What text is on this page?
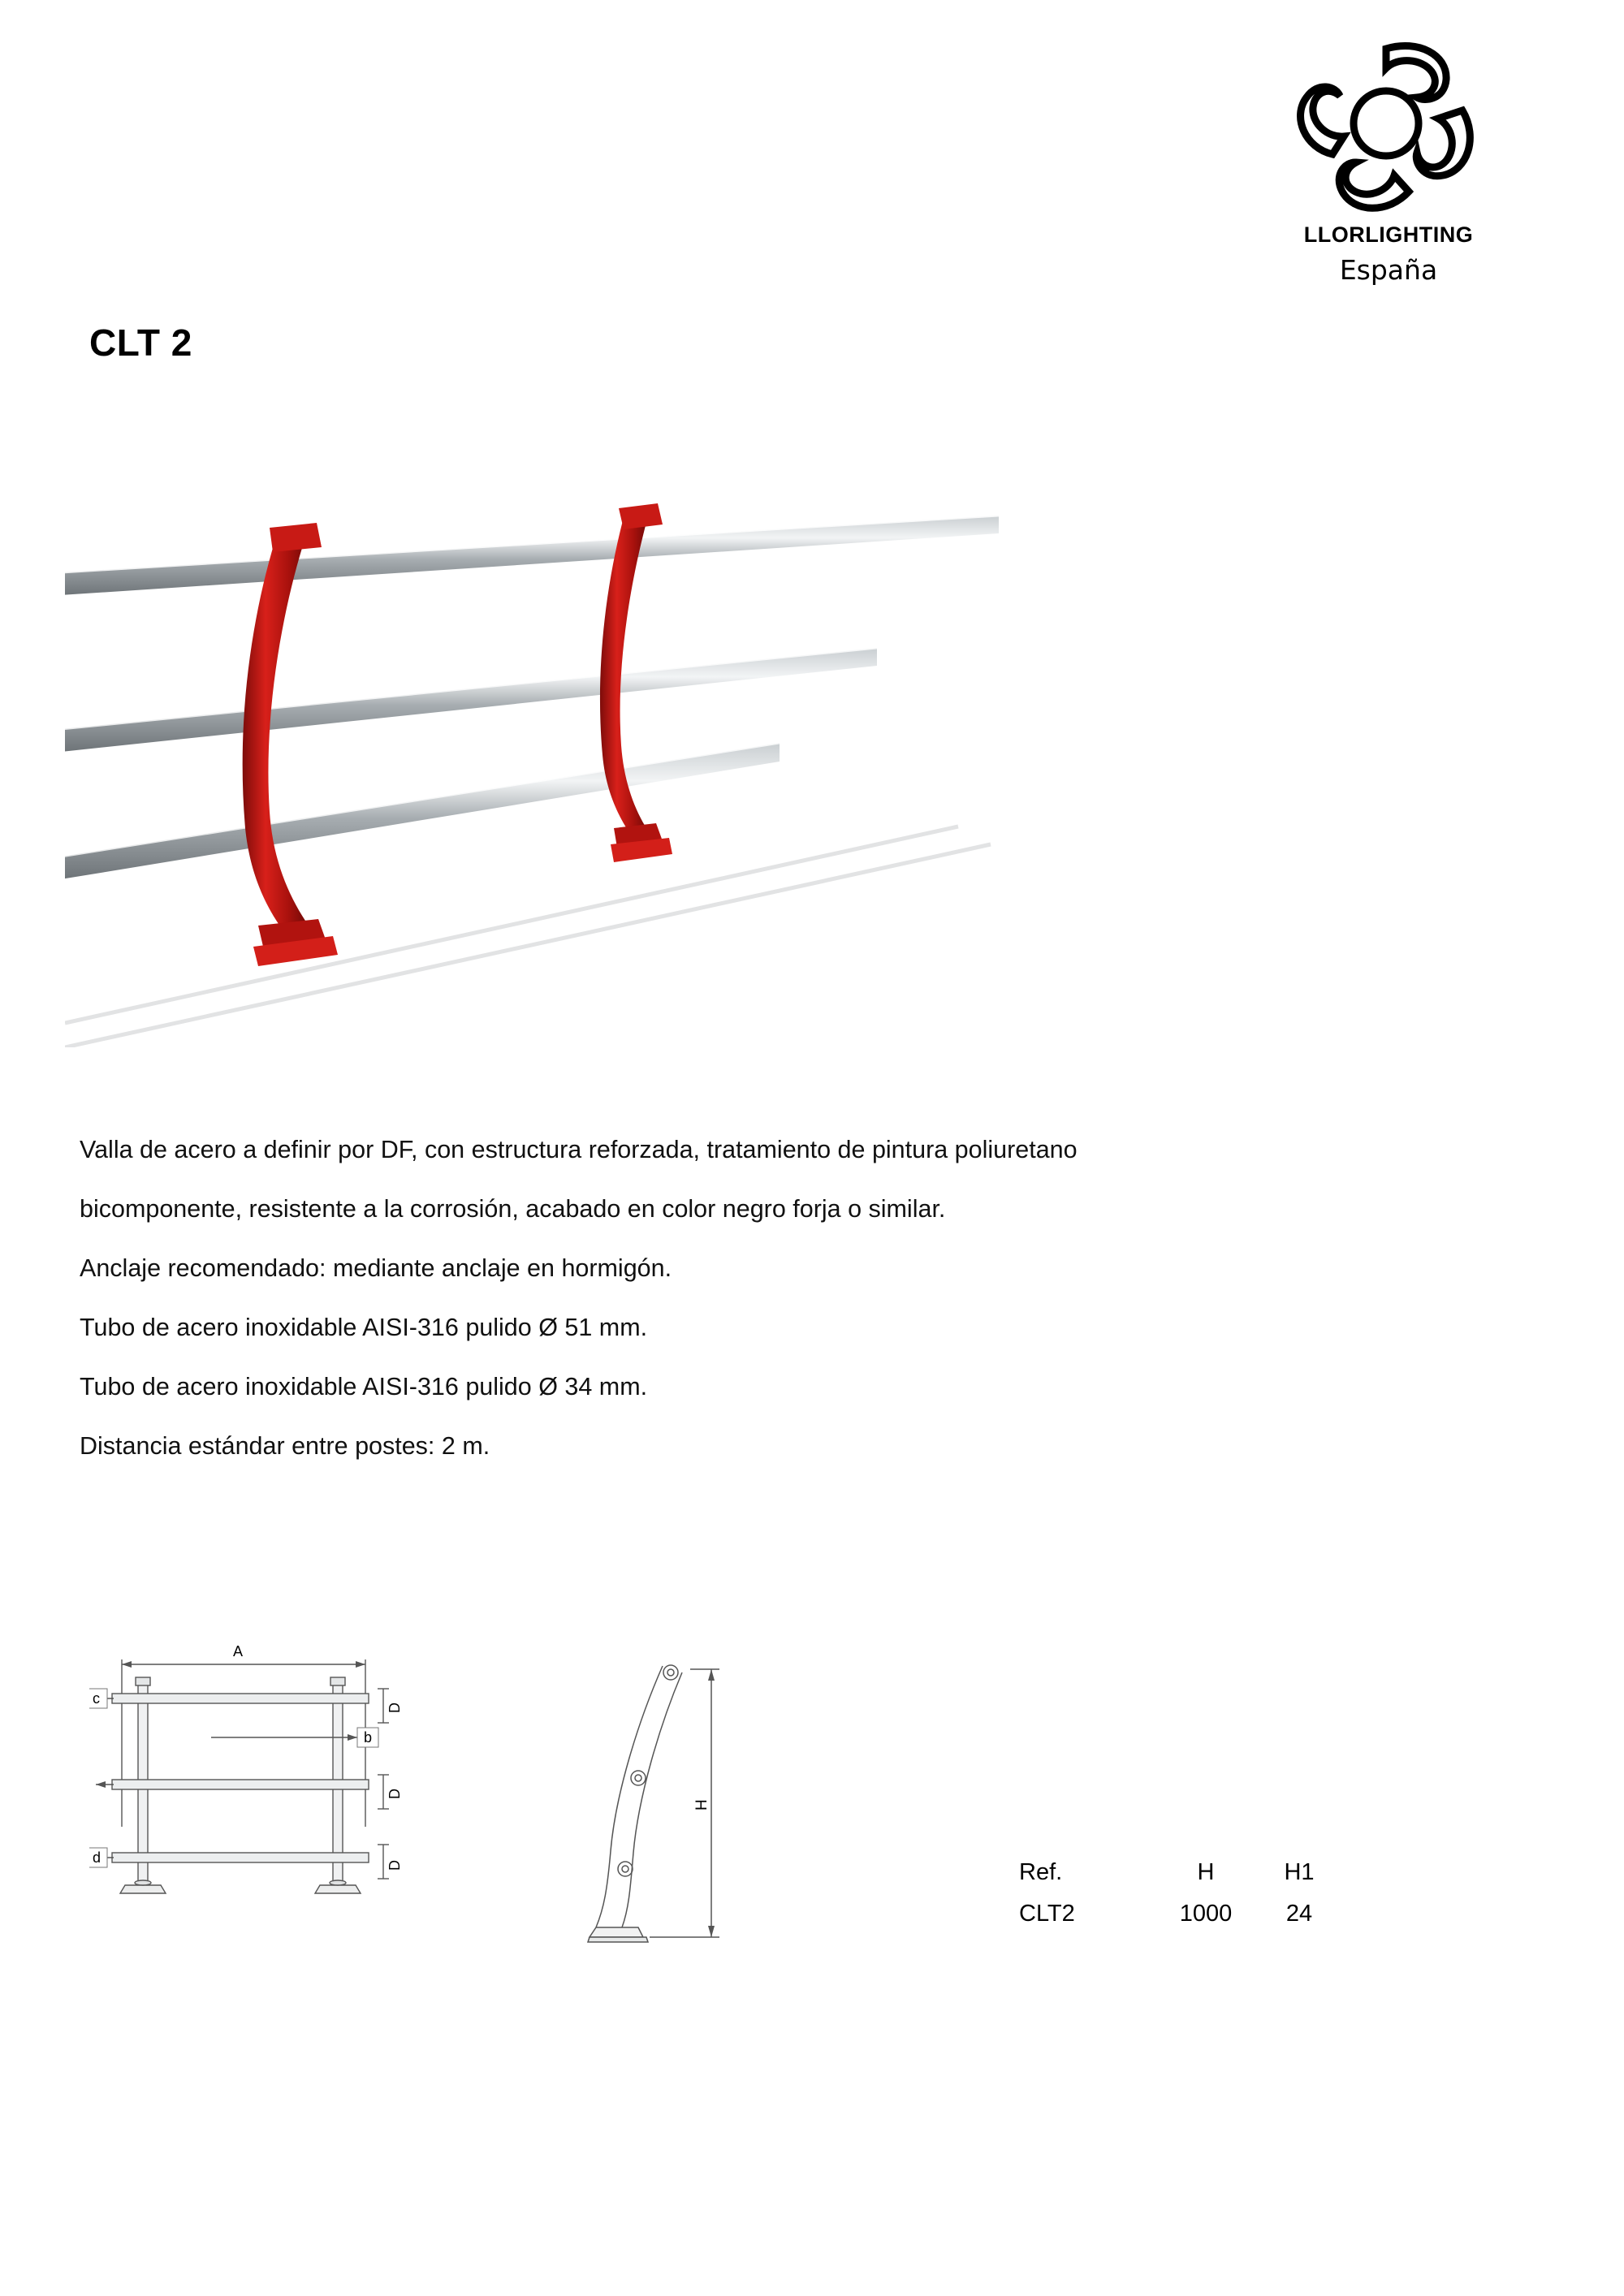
LLORLIGHTING
España
CLT 2

Valla de acero a definir por DF, con estructura reforzada, tratamiento de pintura poliuretano

bicomponente, resistente a la corrosión, acabado en color negro forja o similar.

Anclaje recomendado: mediante anclaje en hormigón.

Tubo de acero inoxidable AISI-316 pulido Ø 51 mm.

Tubo de acero inoxidable AISI-316 pulido Ø 34 mm.

Distancia estándar entre postes: 2 m.

c
d
b
A
D
D
D
H
Ref.	H	H1
CLT2	1000	24
